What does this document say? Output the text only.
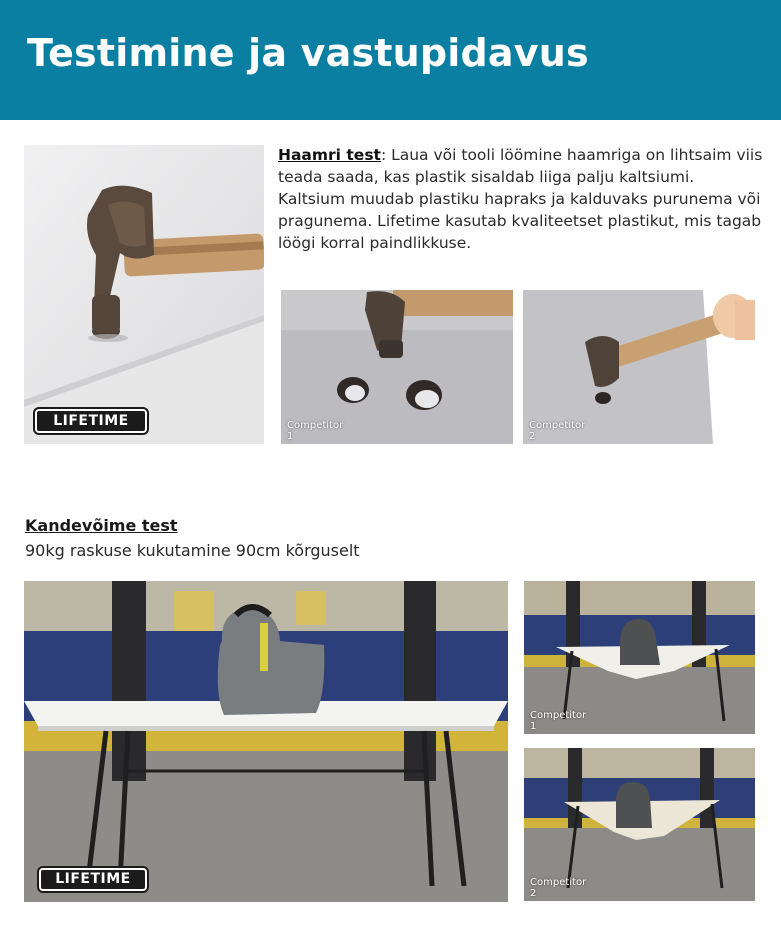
Testimine ja vastupidavus
LIFETIME

Haamri test: Laua või tooli löömine haamriga on lihtsaim viis teada saada, kas plastik sisaldab liiga palju kaltsiumi. Kaltsium muudab plastiku hapraks ja kalduvaks purunema või pragunema. Lifetime kasutab kvaliteetset plastikut, mis tagab löögi korral paindlikkuse.

Competitor 1
Competitor 2
Kandevõime test
90kg raskuse kukutamine 90cm kõrguselt
LIFETIME
Competitor 1
Competitor 2
